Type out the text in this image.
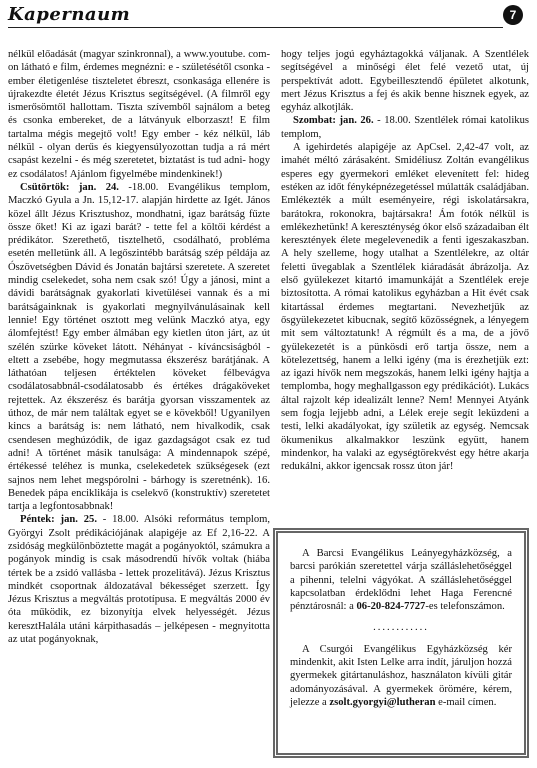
Kapernaum	7

nélkül előadását (magyar szinkronnal), a www.youtube. com-on látható e film, érdemes megnézni: e - születésétől csonka - ember életigenlése tiszteletet ébreszt, csonkasága ellenére is újrakezdte életét Jézus Krisztus segítségével. (A filmről egy ismerősömtől hallottam. Tiszta szívemből sajnálom a beteg és csonka embereket, de a látványuk elborzaszt! E film tartalma mégis megejtő volt! Egy ember - kéz nélkül, láb nélkül - olyan derűs és kiegyensúlyozottan tudja a rá mért csapást kezelni - és még szeretetet, biztatást is tud adni- hogy ez csodálatos! Ajánlom figyelmébe mindenkinek!)

Csütörtök: jan. 24. -18.00. Evangélikus templom, Maczkó Gyula a Jn. 15,12-17. alapján hirdette az Igét. János közel állt Jézus Krisztushoz, mondhatni, igaz barátság fűzte össze őket! Ki az igazi barát? - tette fel a költői kérdést a prédikátor. Szerethető, tisztelhető, csodálható, probléma esetén melletünk áll. A legőszintébb barátság szép példája az Ószövetségben Dávid és Jonatán bajtársi szeretete. A szeretet mindig cselekedet, soha nem csak szó! Úgy a jánosi, mint a dávidi barátságnak gyakorlati kivetülései vannak és a mi barátságainknak is gyakorlati megnyilvánulásainak kell lennie! Egy történet osztott meg velünk Maczkó atya, egy álomfejtést! Egy ember álmában egy kietlen úton járt, az út szélén szürke köveket látott. Néhányat - kíváncsiságból - eltett a zsebébe, hogy megmutassa ékszerész barátjának. A láthatóan teljesen értéktelen köveket félbevágva csodálatosabbnál-csodálatosabb és értékes drágaköveket rejtettek. Az ékszerész és barátja gyorsan visszamentek az úthoz, de már nem találtak egyet se e kövekből! Ugyanilyen kincs a barátság is: nem látható, nem hivalkodik, csak csendesen meghúzódik, de igaz gazdagságot csak ez tud adni! A történet másik tanulsága: A mindennapok szépé, értékessé teléhez is munka, cselekedetek szükségesek (ezt sajnos nem lehet megspórolni - bárhogy is szeretnénk). 16. Benedek pápa enciklikája is cselekvő (konstruktív) szeretetet tartja a legfontosabbnak!

Péntek: jan. 25. - 18.00. Alsóki református templom, Györgyi Zsolt prédikációjának alapigéje az Ef 2,16-22. A zsidóság megkülönböztette magát a pogányoktól, számukra a pogányok mindig is csak másodrendű hívők voltak (hiába tértek be a zsidó vallásba - lettek prozelitává). Jézus Krisztus mindkét csoportnak áldozatával békességet szerzett. Így Jézus Krisztus a megváltás prototípusa. E megváltás 2000 év óta működik, ez bizonyítja elvek helyességét. Jézus keresztHalála utáni kárpithasadás – jelképesen - megnyitotta az utat pogányoknak,

hogy teljes jogú egyháztagokká váljanak. A Szentlélek segítségével a minőségi élet felé vezető utat, új perspektívát adott. Egybeillesztendő épületet alkotunk, mert Jézus Krisztus a fej és akik benne hisznek egyek, az egyház alkotjlák.

Szombat: jan. 26. - 18.00. Szentlélek római katolikus templom,

A igehirdetés alapigéje az ApCsel. 2,42-47 volt, az imahét méltó zárásaként. Smidéliusz Zoltán evangélikus esperes egy gyermekori emléket elevenített fel: hideg estéken az időt fényképnézegetéssel múlatták családjában. Emlékezték a múlt eseményeire, régi iskolatársakra, barátokra, rokonokra, bajtársakra! Ám fotók nélkül is emlékezhetünk! A kereszténység ókor első századaiban élt keresztények élete megelevenedik a fenti igeszakaszban. A hely szelleme, hogy utalhat a Szentlélekre, az oltár feletti üvegablak a Szentlélek kiáradását ábrázolja. Az első gyülekezet kitartó imamunkáját a Szentlélek ereje biztosította. A római katolikus egyházban a Hit évét csak kitartással érdemes megtartani. Nevezhetjük az ősgyülekezetet kibucnak, segítő közösségnek, a lényegem mit sem változtatunk! A régmúlt és a ma, de a jövő gyülekezetét is a pünkösdi erő tartja össze, nem a kötelezettség, hanem a lelki igény (ma is érezhetjük ezt: az igazi hívők nem megszokás, hanem lelki igény hajtja a templomba, hogy meghallgasson egy prédikációt). Lukács által rajzolt kép idealizált lenne? Nem! Mennyei Atyánk sem fogja lejjebb adni, a Lélek ereje segít leküzdeni a testi, lelki akadályokat, így születik az egység. Nemcsak ökumenikus alkalmakkor leszünk együtt, hanem mindenkor, ha valaki az egységtörekvést egy hétre akarja redukálni, akkor igencsak rossz úton jár!

A Barcsi Evangélikus Leányegyházközség, a barcsi parókián szeretettel várja szálláslehetőséggel a pihenni, telelni vágyókat. A szálláslehetőséggel kapcsolatban érdeklődni lehet Haga Ferencné pénztárosnál: a 06-20-824-7727-es telefonszámon.

............

A Csurgói Evangélikus Egyházközség kér mindenkit, akit Isten Lelke arra indít, járuljon hozzá gyermekek gitártanuláshoz, használaton kívüli gitár adományozásával. A gyermekek örömére, kérem, jelezze a zsolt.gyorgyi@lutheran e-mail címen.
